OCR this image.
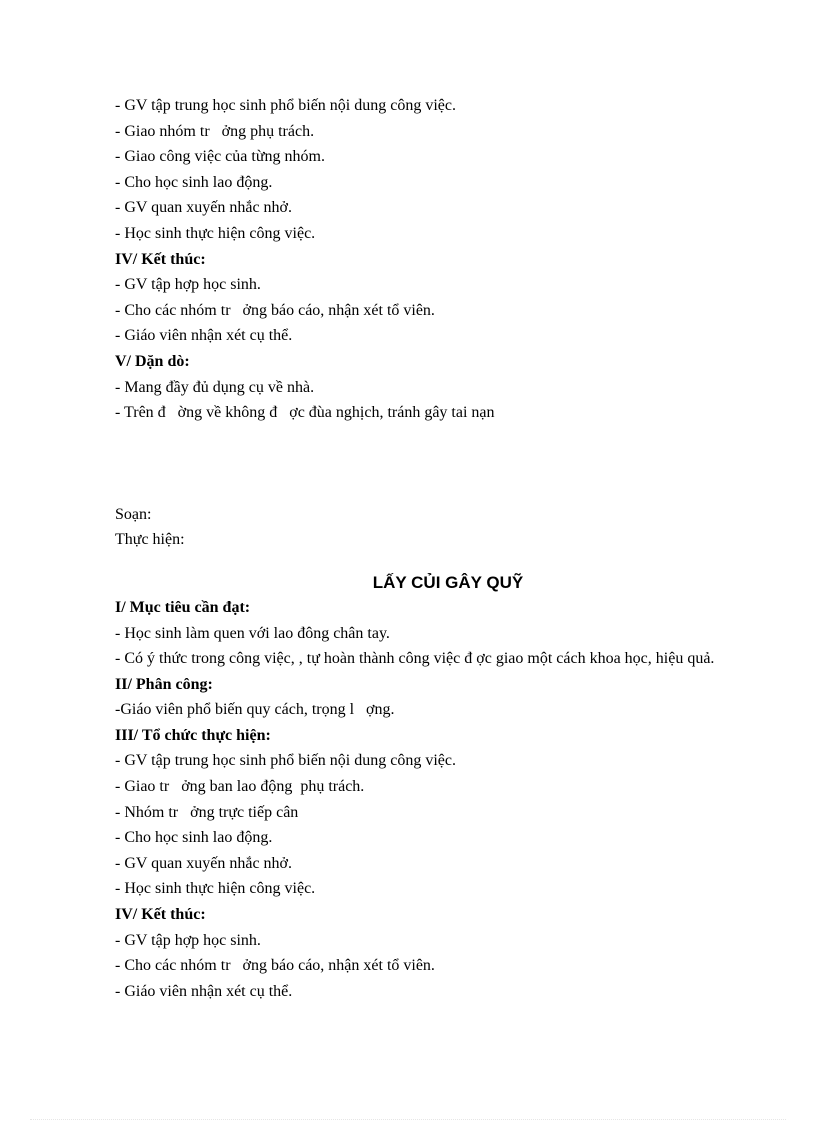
- GV tập trung học sinh phổ biến nội dung công việc.
- Giao nhóm tr   ởng phụ trách.
- Giao công việc của từng nhóm.
- Cho học sinh lao động.
- GV quan xuyến nhắc nhở.
- Học sinh thực hiện công việc.
IV/ Kết thúc:
- GV tập hợp học sinh.
- Cho các nhóm tr   ởng báo cáo, nhận xét tổ viên.
- Giáo viên nhận xét cụ thể.
V/ Dặn dò:
- Mang đầy đủ dụng cụ về nhà.
- Trên đ   ờng về không đ   ợc đùa nghịch, tránh gây tai nạn
Soạn:
Thực hiện:
LẤY CỦI GÂY QUỸ
I/ Mục tiêu cần đạt:
- Học sinh làm quen với lao đông chân tay.
- Có ý thức trong công việc, , tự hoàn thành công việc đ ợc giao một cách khoa học, hiệu quả.
II/ Phân công:
-Giáo viên phổ biến quy cách, trọng l   ợng.
III/ Tổ chức thực hiện:
- GV tập trung học sinh phổ biến nội dung công việc.
- Giao tr   ởng ban lao động  phụ trách.
- Nhóm tr   ởng trực tiếp cân
- Cho học sinh lao động.
- GV quan xuyến nhắc nhở.
- Học sinh thực hiện công việc.
IV/ Kết thúc:
- GV tập hợp học sinh.
- Cho các nhóm tr   ởng báo cáo, nhận xét tổ viên.
- Giáo viên nhận xét cụ thể.
